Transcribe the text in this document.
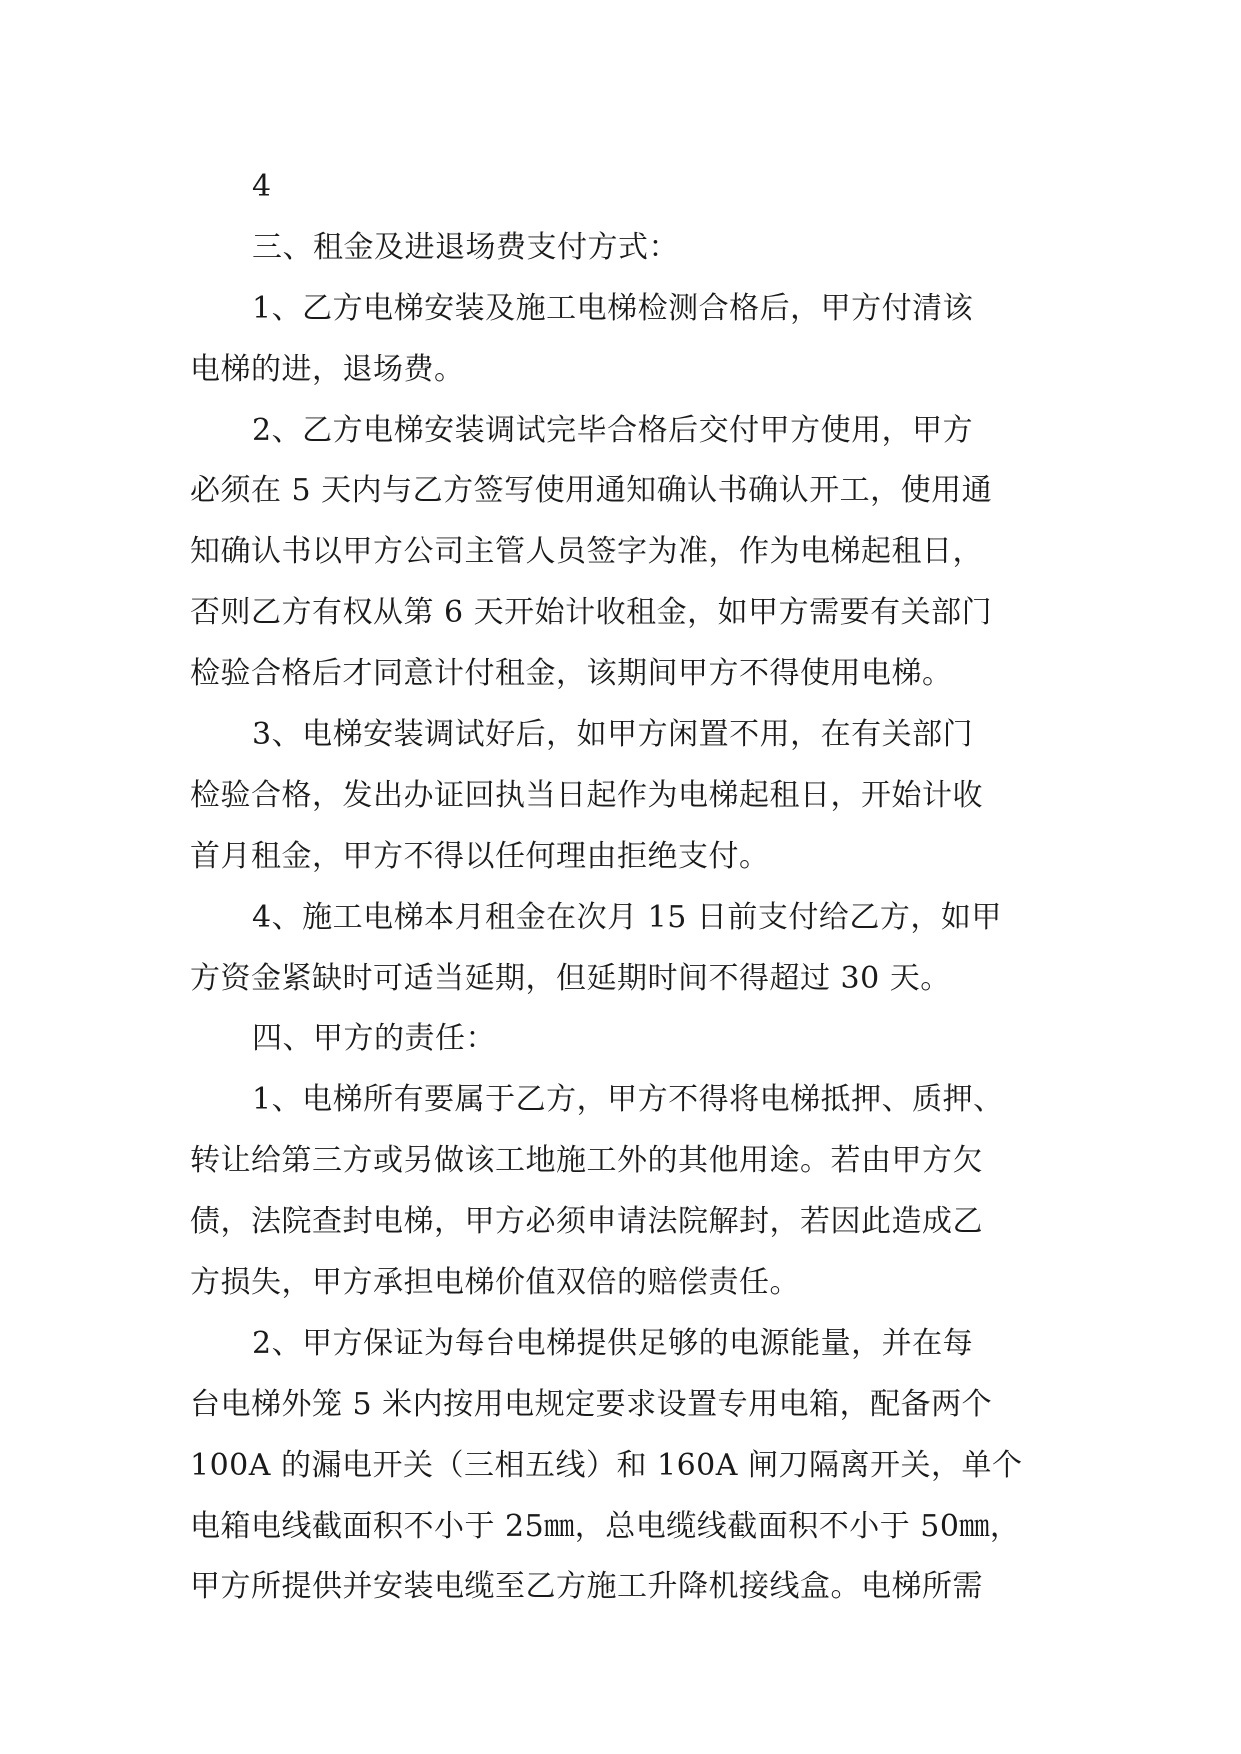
4
三、租金及进退场费支付方式：
1、乙方电梯安装及施工电梯检测合格后，甲方付清该
电梯的进，退场费。
2、乙方电梯安装调试完毕合格后交付甲方使用，甲方
必须在 5 天内与乙方签写使用通知确认书确认开工，使用通
知确认书以甲方公司主管人员签字为准，作为电梯起租日，
否则乙方有权从第 6 天开始计收租金，如甲方需要有关部门
检验合格后才同意计付租金，该期间甲方不得使用电梯。
3、电梯安装调试好后，如甲方闲置不用，在有关部门
检验合格，发出办证回执当日起作为电梯起租日，开始计收
首月租金，甲方不得以任何理由拒绝支付。
4、施工电梯本月租金在次月 15 日前支付给乙方，如甲
方资金紧缺时可适当延期，但延期时间不得超过 30 天。
四、甲方的责任：
1、电梯所有要属于乙方，甲方不得将电梯抵押、质押、
转让给第三方或另做该工地施工外的其他用途。若由甲方欠
债，法院查封电梯，甲方必须申请法院解封，若因此造成乙
方损失，甲方承担电梯价值双倍的赔偿责任。
2、甲方保证为每台电梯提供足够的电源能量，并在每
台电梯外笼 5 米内按用电规定要求设置专用电箱，配备两个
100A 的漏电开关（三相五线）和 160A 闸刀隔离开关，单个
电箱电线截面积不小于 25㎜，总电缆线截面积不小于 50㎜，
甲方所提供并安装电缆至乙方施工升降机接线盒。电梯所需
